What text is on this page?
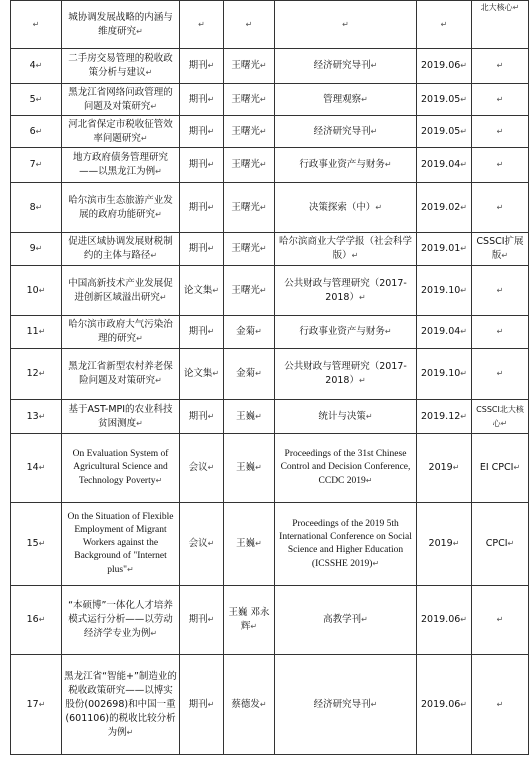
↵	城协调发展战略的内涵与维度研究↵	↵	↵	↵	↵	北大核心↵
4↵	二手房交易管理的税收政策分析与建议↵	期刊↵	王曙光↵	经济研究导刊↵	2019.06↵	↵
5↵	黑龙江省网络问政管理的问题及对策研究↵	期刊↵	王曙光↵	管理观察↵	2019.05↵	↵
6↵	河北省保定市税收征管效率问题研究↵	期刊↵	王曙光↵	经济研究导刊↵	2019.05↵	↵
7↵	地方政府债务管理研究——以黑龙江为例↵	期刊↵	王曙光↵	行政事业资产与财务↵	2019.04↵	↵
8↵	哈尔滨市生态旅游产业发展的政府功能研究↵	期刊↵	王曙光↵	决策探索（中）↵	2019.02↵	↵
9↵	促进区域协调发展财税制约的主体与路径↵	期刊↵	王曙光↵	哈尔滨商业大学学报（社会科学版）↵	2019.01↵	CSSCI扩展版↵
10↵	中国高新技术产业发展促进创新区域溢出研究↵	论文集↵	王曙光↵	公共财政与管理研究（2017-2018）↵	2019.10↵	↵
11↵	哈尔滨市政府大气污染治理的研究↵	期刊↵	金菊↵	行政事业资产与财务↵	2019.04↵	↵
12↵	黑龙江省新型农村养老保险问题及对策研究↵	论文集↵	金菊↵	公共财政与管理研究（2017-2018）↵	2019.10↵	↵
13↵	基于AST-MPI的农业科技贫困测度↵	期刊↵	王巍↵	统计与决策↵	2019.12↵	CSSCI北大核心↵
14↵	On Evaluation System of Agricultural Science and Technology Poverty↵	会议↵	王巍↵	Proceedings of the 31st Chinese Control and Decision Conference, CCDC 2019↵	2019↵	EI CPCI↵
15↵	On the Situation of Flexible Employment of Migrant Workers against the Background of "Internet plus"↵	会议↵	王巍↵	Proceedings of the 2019 5th International Conference on Social Science and Higher Education (ICSSHE 2019)↵	2019↵	CPCI↵
16↵	“本硕博”一体化人才培养模式运行分析——以劳动经济学专业为例↵	期刊↵	王巍 邓永辉↵	高教学刊↵	2019.06↵	↵
17↵	黑龙江省“智能+”制造业的税收政策研究——以博实股份(002698)和中国一重(601106)的税收比较分析为例↵	期刊↵	蔡德发↵	经济研究导刊↵	2019.06↵	↵
